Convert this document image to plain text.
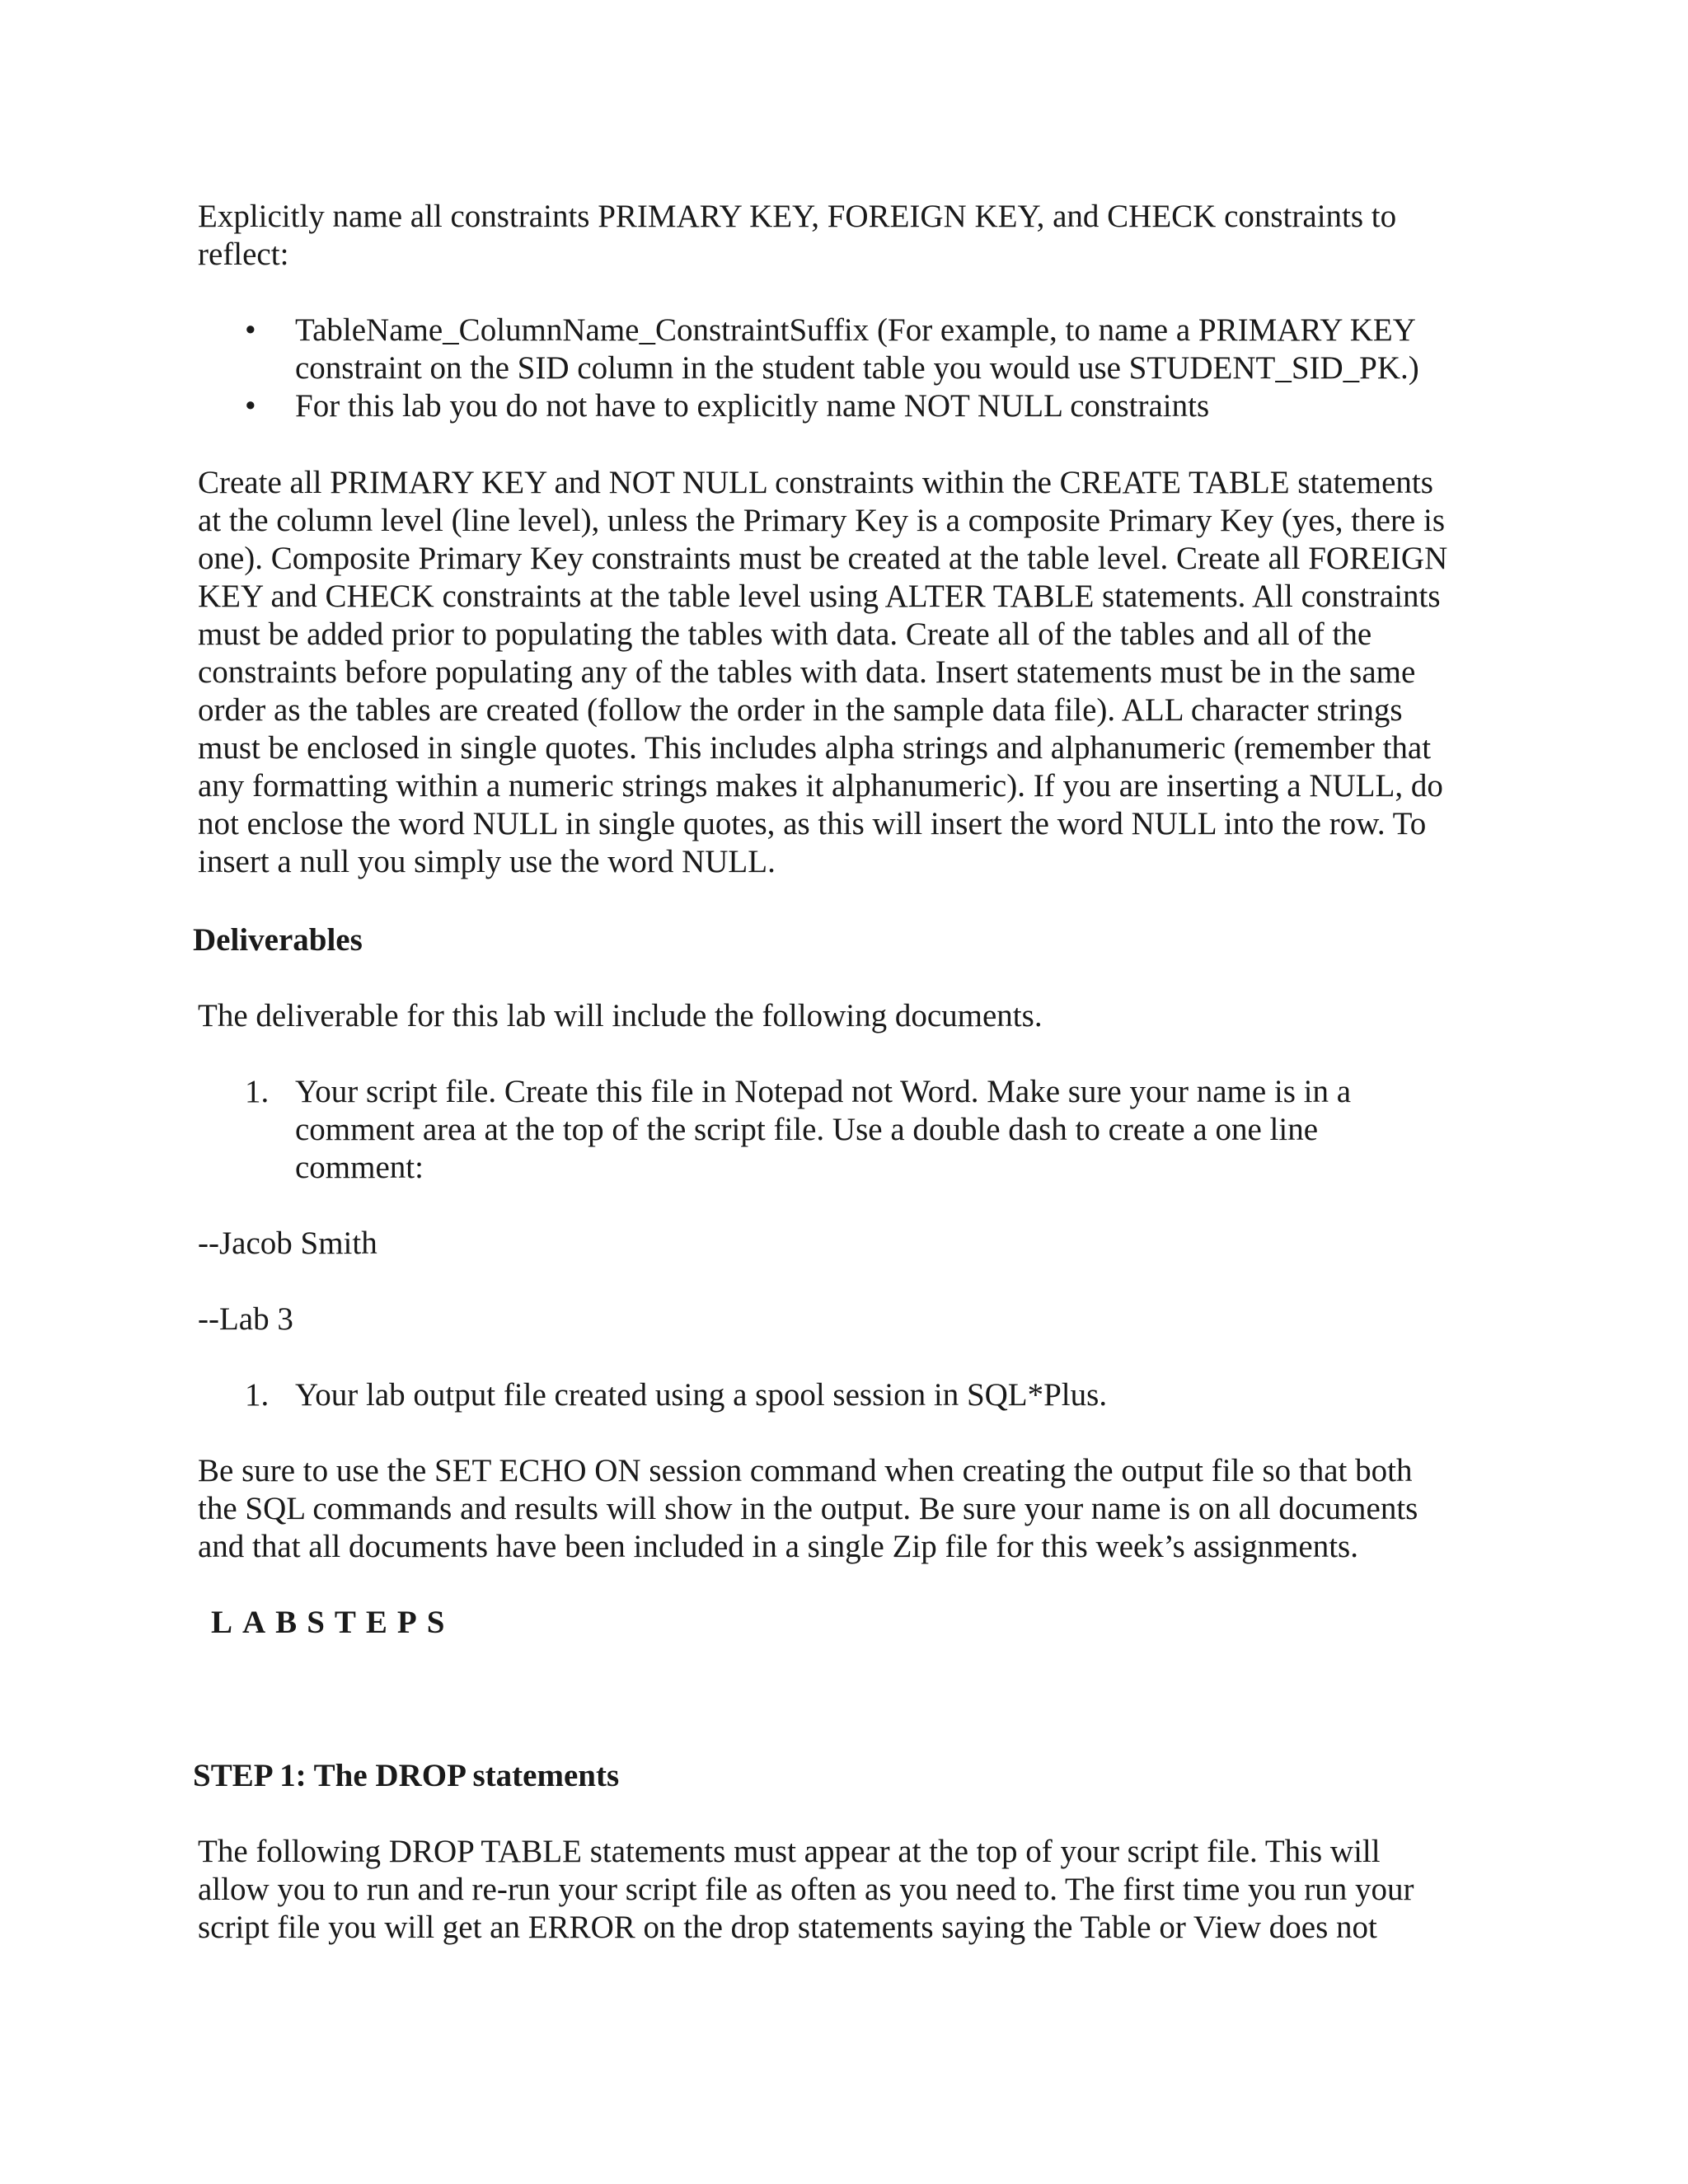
Explicitly name all constraints PRIMARY KEY, FOREIGN KEY, and CHECK constraints to
reflect:
• TableName_ColumnName_ConstraintSuffix (For example, to name a PRIMARY KEY
constraint on the SID column in the student table you would use STUDENT_SID_PK.)
• For this lab you do not have to explicitly name NOT NULL constraints
Create all PRIMARY KEY and NOT NULL constraints within the CREATE TABLE statements
at the column level (line level), unless the Primary Key is a composite Primary Key (yes, there is
one). Composite Primary Key constraints must be created at the table level. Create all FOREIGN
KEY and CHECK constraints at the table level using ALTER TABLE statements. All constraints
must be added prior to populating the tables with data. Create all of the tables and all of the
constraints before populating any of the tables with data. Insert statements must be in the same
order as the tables are created (follow the order in the sample data file). ALL character strings
must be enclosed in single quotes. This includes alpha strings and alphanumeric (remember that
any formatting within a numeric strings makes it alphanumeric). If you are inserting a NULL, do
not enclose the word NULL in single quotes, as this will insert the word NULL into the row. To
insert a null you simply use the word NULL.
Deliverables
The deliverable for this lab will include the following documents.
1. Your script file. Create this file in Notepad not Word. Make sure your name is in a
comment area at the top of the script file. Use a double dash to create a one line
comment:
--Jacob Smith
--Lab 3
1. Your lab output file created using a spool session in SQL*Plus.
Be sure to use the SET ECHO ON session command when creating the output file so that both
the SQL commands and results will show in the output. Be sure your name is on all documents
and that all documents have been included in a single Zip file for this week’s assignments.
LABSTEPS
STEP 1: The DROP statements
The following DROP TABLE statements must appear at the top of your script file. This will
allow you to run and re-run your script file as often as you need to. The first time you run your
script file you will get an ERROR on the drop statements saying the Table or View does not
